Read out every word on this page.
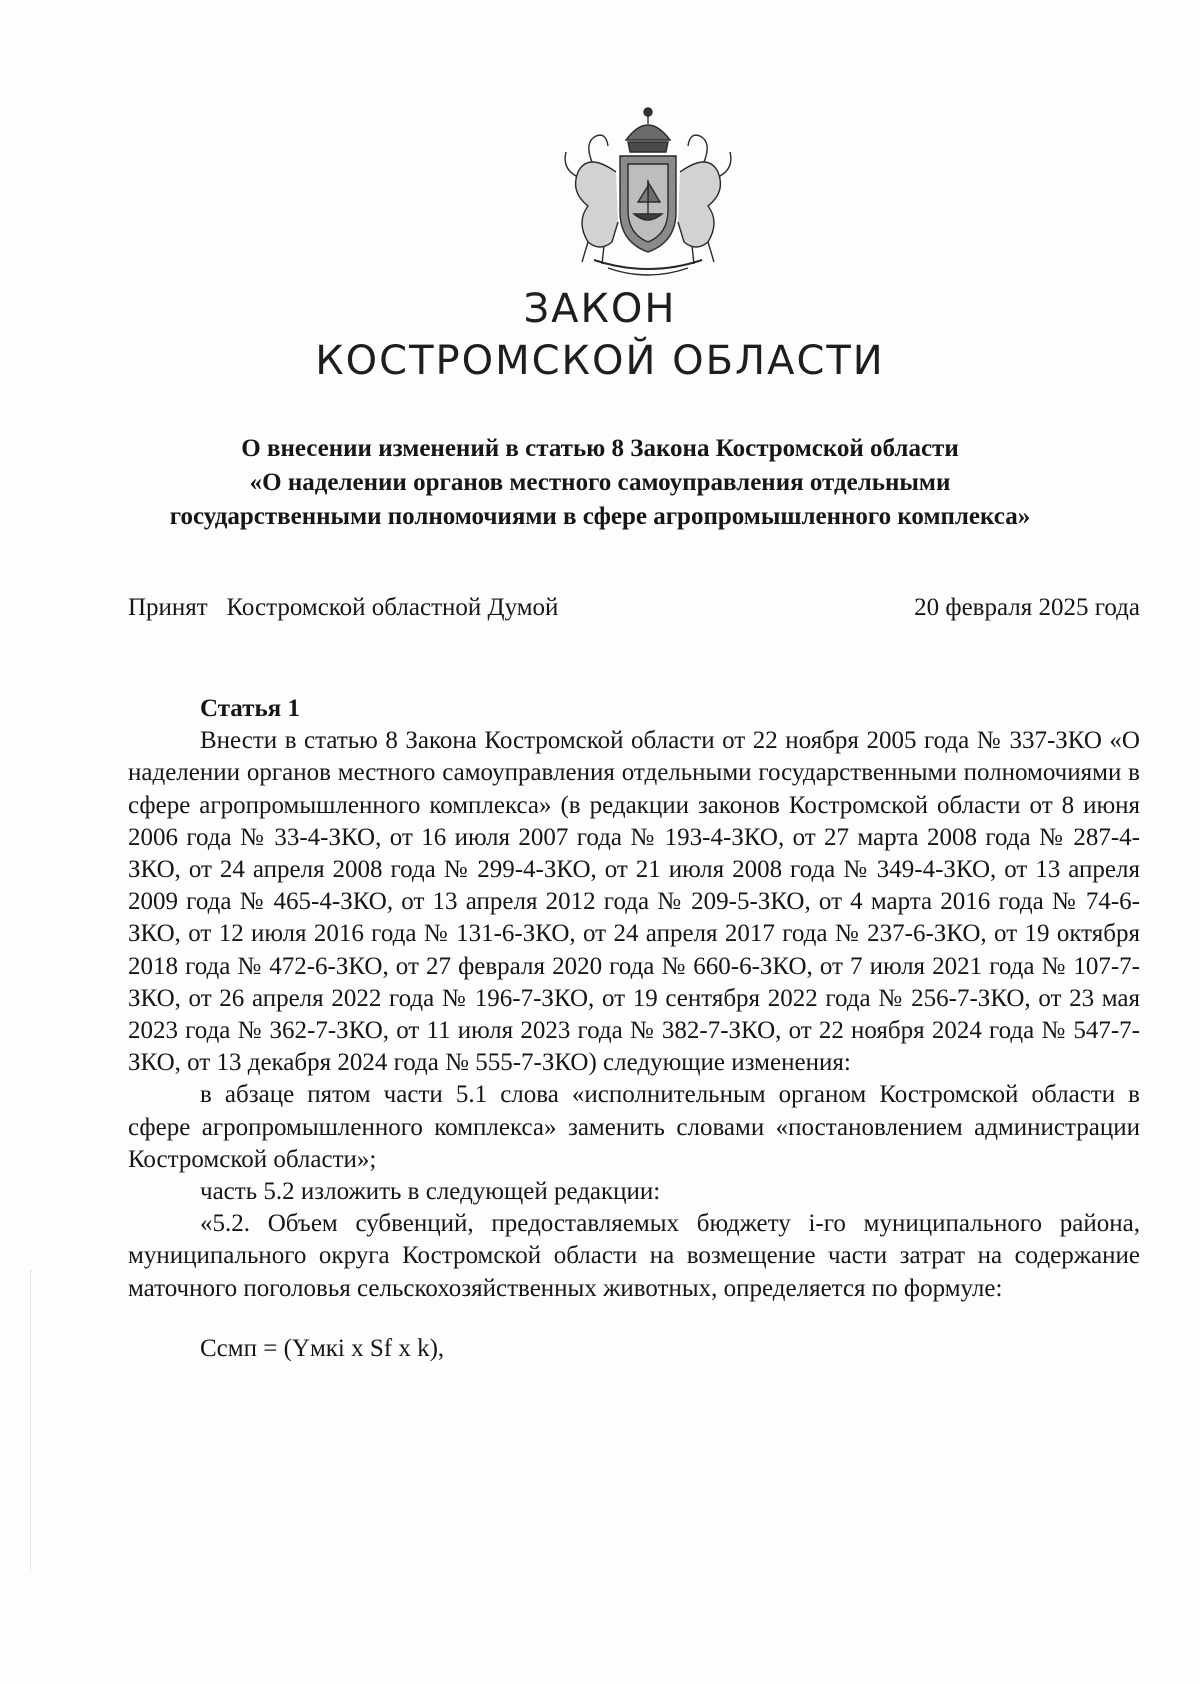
ЗАКОН
КОСТРОМСКОЙ ОБЛАСТИ
О внесении изменений в статью 8 Закона Костромской области
«О наделении органов местного самоуправления отдельными
государственными полномочиями в сфере агропромышленного комплекса»
Принят   Костромской областной Думой	20 февраля 2025 года
Статья 1

Внести в статью 8 Закона Костромской области от 22 ноября 2005 года № 337-ЗКО «О наделении органов местного самоуправления отдельными государственными полномочиями в сфере агропромышленного комплекса» (в редакции законов Костромской области от 8 июня 2006 года № 33-4-ЗКО, от 16 июля 2007 года № 193-4-ЗКО, от 27 марта 2008 года № 287-4-ЗКО, от 24 апреля 2008 года № 299-4-ЗКО, от 21 июля 2008 года № 349-4-ЗКО, от 13 апреля 2009 года № 465-4-ЗКО, от 13 апреля 2012 года № 209-5-ЗКО, от 4 марта 2016 года № 74-6-ЗКО, от 12 июля 2016 года № 131-6-ЗКО, от 24 апреля 2017 года № 237-6-ЗКО, от 19 октября 2018 года № 472-6-ЗКО, от 27 февраля 2020 года № 660-6-ЗКО, от 7 июля 2021 года № 107-7-ЗКО, от 26 апреля 2022 года № 196-7-ЗКО, от 19 сентября 2022 года № 256-7-ЗКО, от 23 мая 2023 года № 362-7-ЗКО, от 11 июля 2023 года № 382-7-ЗКО, от 22 ноября 2024 года № 547-7-ЗКО, от 13 декабря 2024 года № 555-7-ЗКО) следующие изменения:

в абзаце пятом части 5.1 слова «исполнительным органом Костромской области в сфере агропромышленного комплекса» заменить словами «постановлением администрации Костромской области»;

часть 5.2 изложить в следующей редакции:

«5.2. Объем субвенций, предоставляемых бюджету i-го муниципального района, муниципального округа Костромской области на возмещение части затрат на содержание маточного поголовья сельскохозяйственных животных, определяется по формуле:

Cсмп = (Yмкi x Sf x k),
